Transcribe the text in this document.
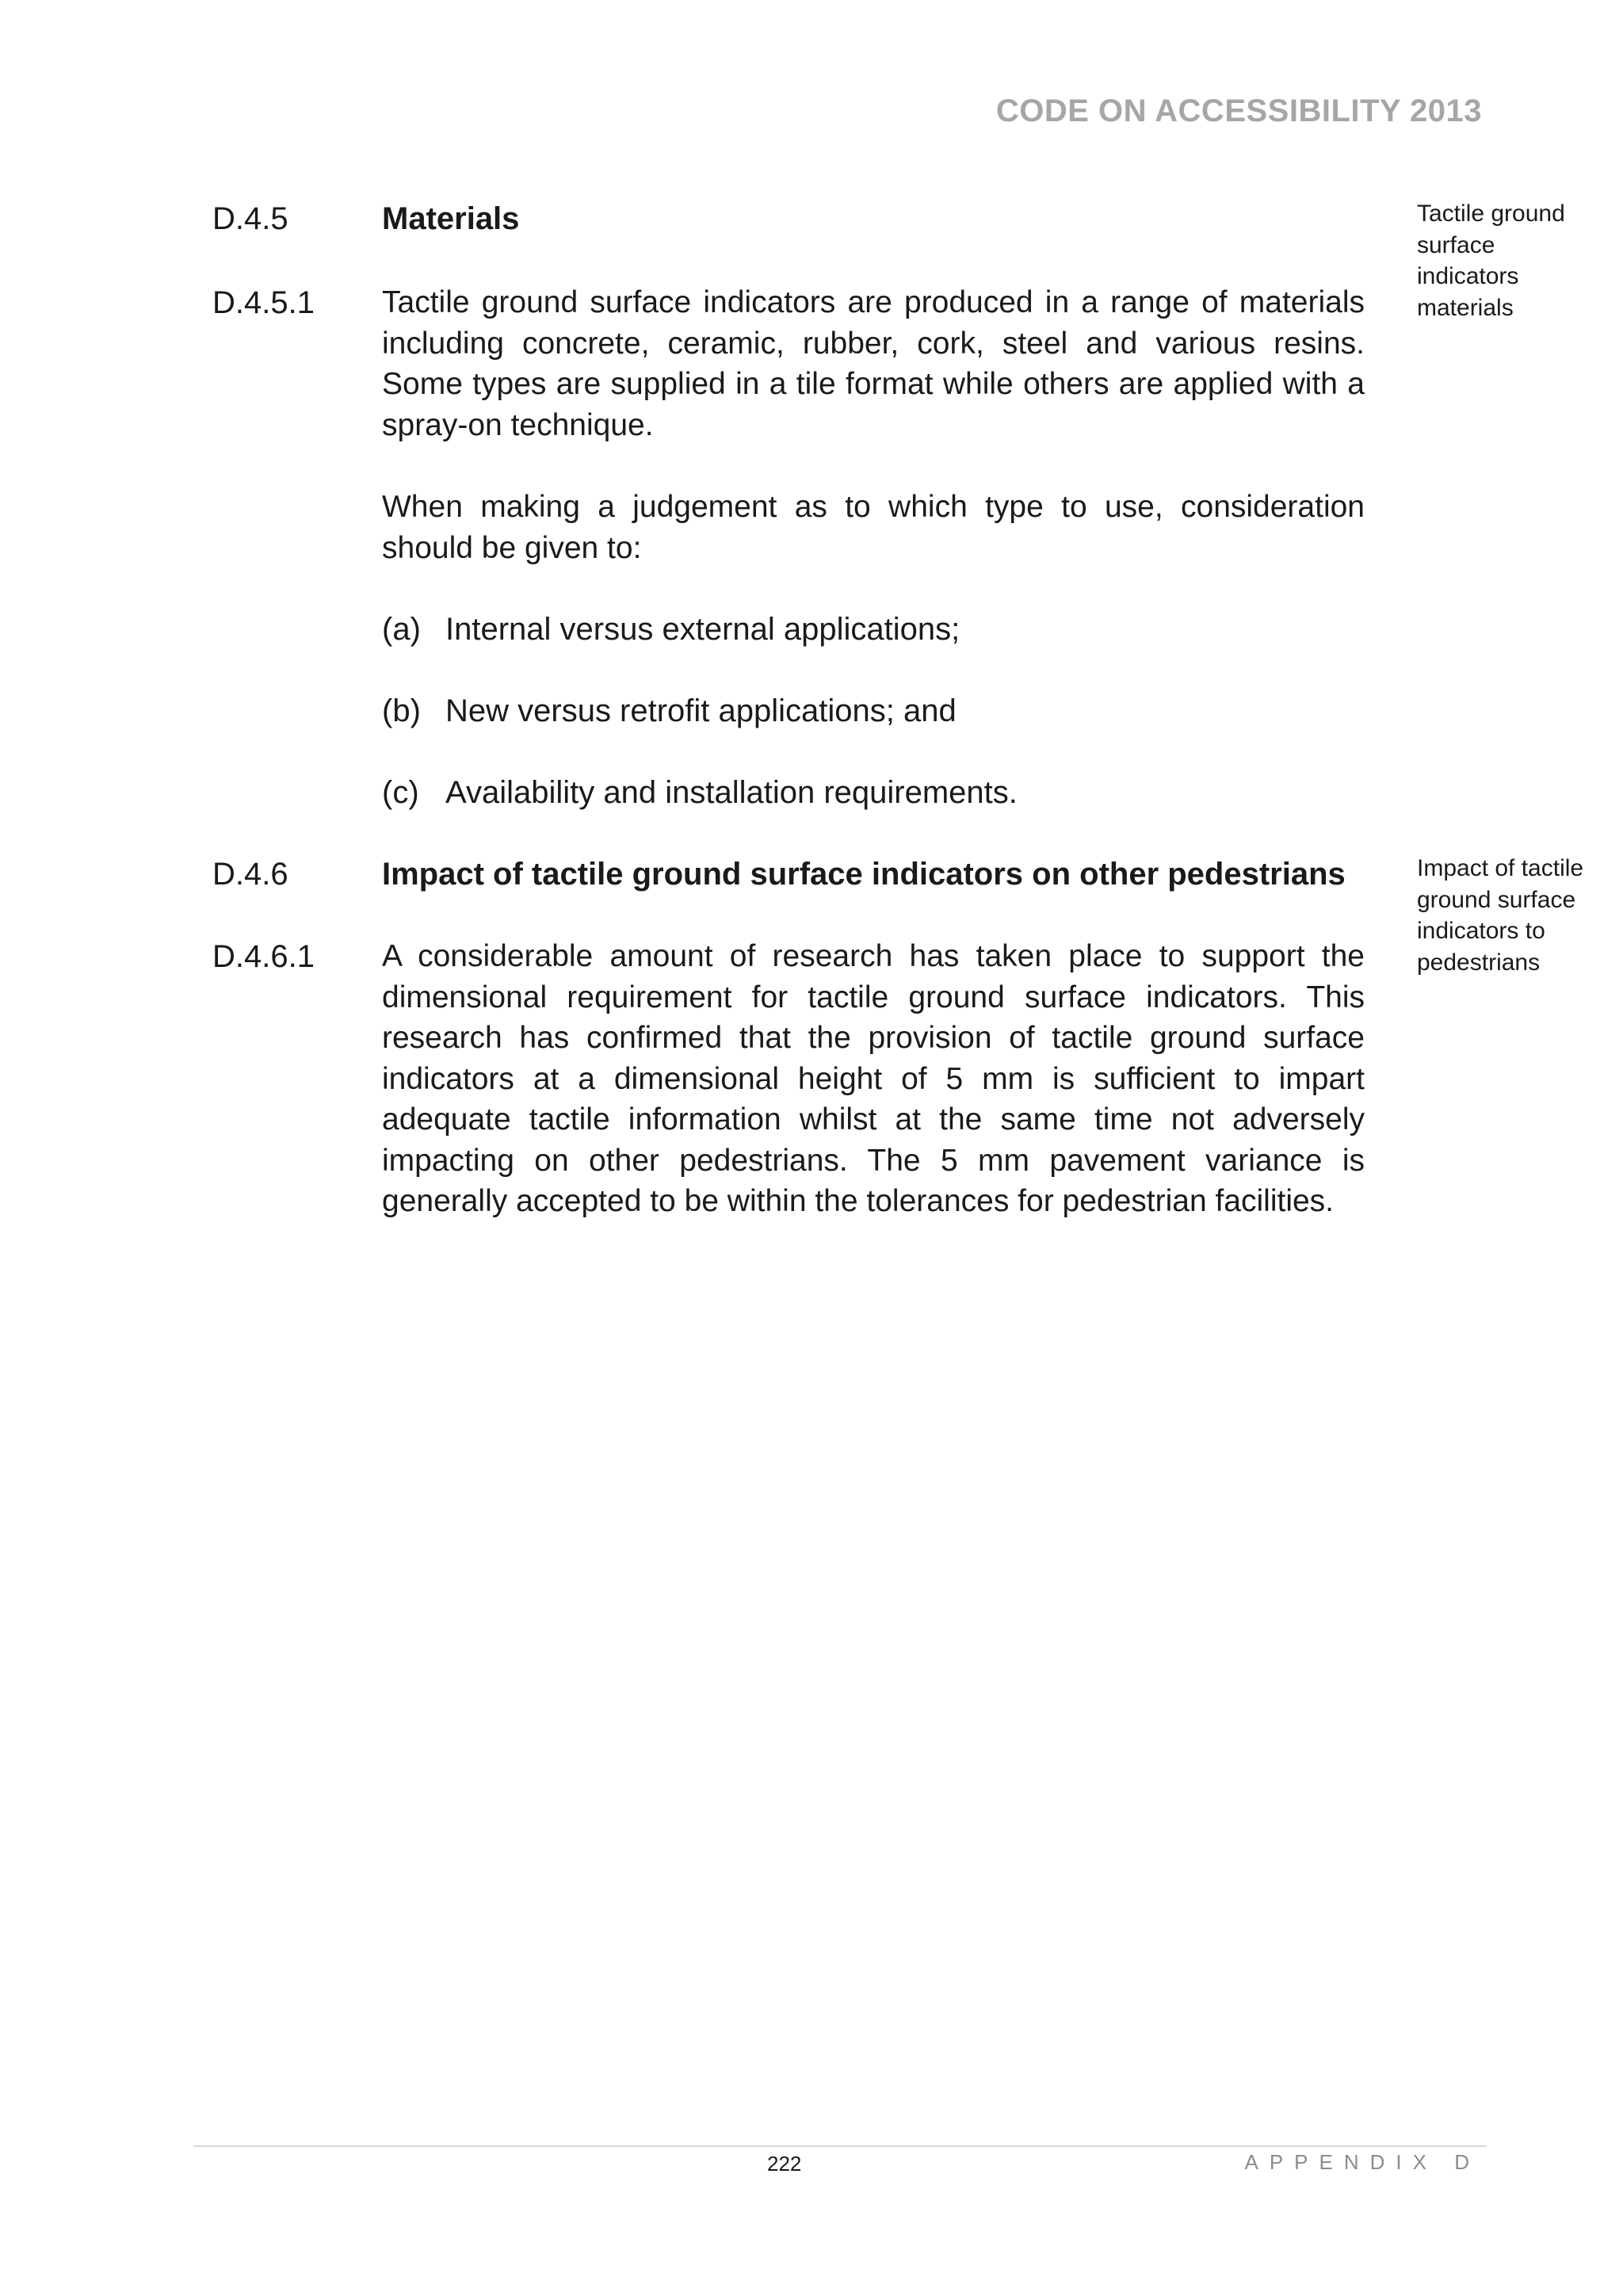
CODE ON ACCESSIBILITY 2013
D.4.5	Materials	Tactile ground surface indicators materials
D.4.5.1 Tactile ground surface indicators are produced in a range of materials including concrete, ceramic, rubber, cork, steel and various resins. Some types are supplied in a tile format while others are applied with a spray-on technique.

When making a judgement as to which type to use, consideration should be given to:

(a) Internal versus external applications;
(b) New versus retrofit applications; and
(c) Availability and installation requirements.
D.4.6	Impact of tactile ground surface indicators on other pedestrians	Impact of tactile ground surface indicators to pedestrians
D.4.6.1 A considerable amount of research has taken place to support the dimensional requirement for tactile ground surface indicators. This research has confirmed that the provision of tactile ground surface indicators at a dimensional height of 5 mm is sufficient to impart adequate tactile information whilst at the same time not adversely impacting on other pedestrians. The 5 mm pavement variance is generally accepted to be within the tolerances for pedestrian facilities.

222	APPENDIX D
